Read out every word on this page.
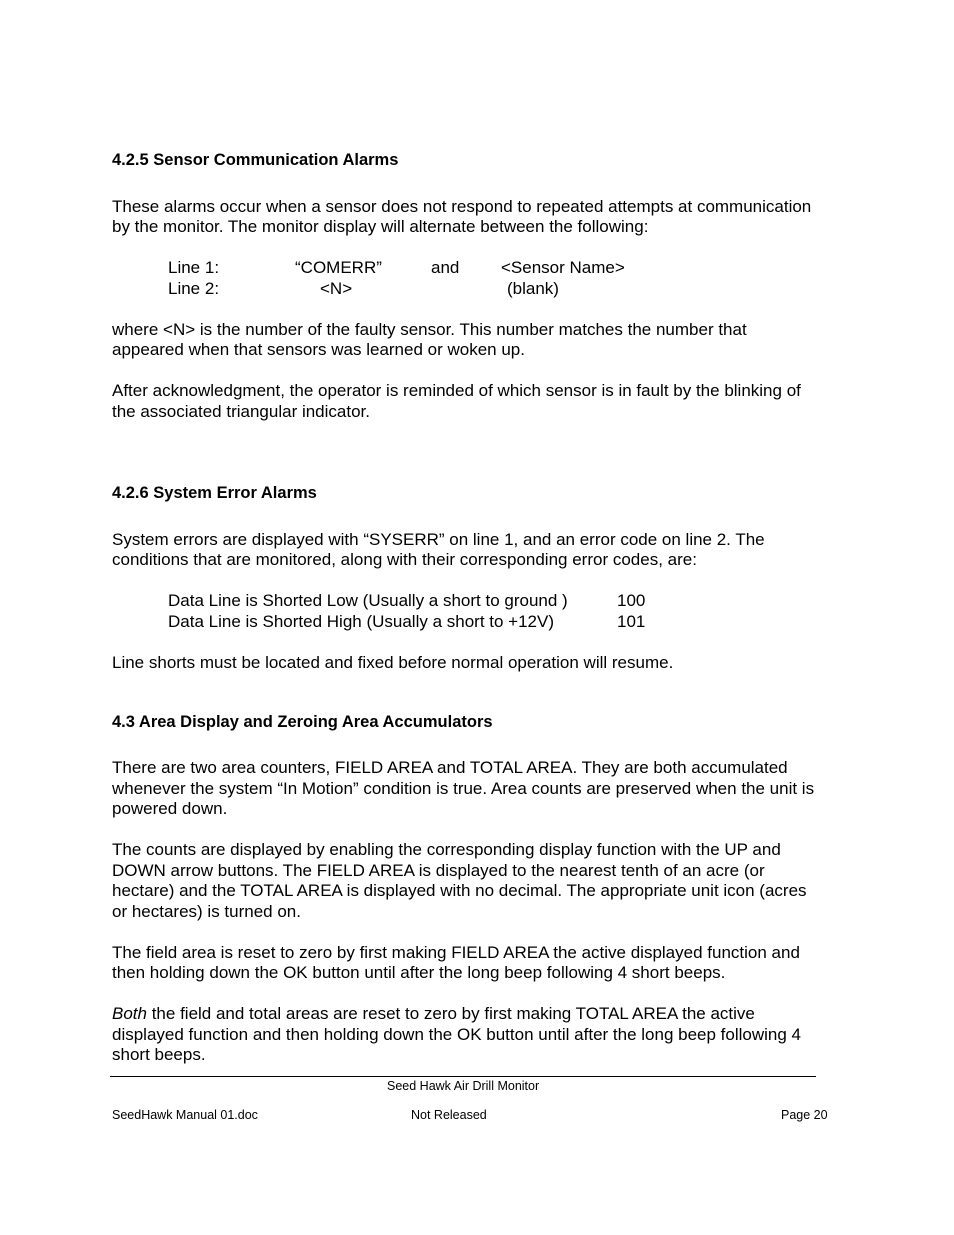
4.2.5 Sensor Communication Alarms
These alarms occur when a sensor does not respond to repeated attempts at communication
by the monitor. The monitor display will alternate between the following:
Line 1:	“COMERR”	and <Sensor Name>
Line 2:	<N>	(blank)
where <N> is the number of the faulty sensor. This number matches the number that
appeared when that sensors was learned or woken up.
After acknowledgment, the operator is reminded of which sensor is in fault by the blinking of
the associated triangular indicator.
4.2.6 System Error Alarms
System errors are displayed with “SYSERR” on line 1, and an error code on line 2. The
conditions that are monitored, along with their corresponding error codes, are:
Data Line is Shorted Low (Usually a short to ground )	100
Data Line is Shorted High (Usually a short to +12V)	101
Line shorts must be located and fixed before normal operation will resume.
4.3 Area Display and Zeroing Area Accumulators
There are two area counters, FIELD AREA and TOTAL AREA. They are both accumulated
whenever the system “In Motion” condition is true. Area counts are preserved when the unit is
powered down.
The counts are displayed by enabling the corresponding display function with the UP and
DOWN arrow buttons. The FIELD AREA is displayed to the nearest tenth of an acre (or
hectare) and the TOTAL AREA is displayed with no decimal. The appropriate unit icon (acres
or hectares) is turned on.
The field area is reset to zero by first making FIELD AREA the active displayed function and
then holding down the OK button until after the long beep following 4 short beeps.
Both the field and total areas are reset to zero by first making TOTAL AREA the active
displayed function and then holding down the OK button until after the long beep following 4
short beeps.
Seed Hawk Air Drill Monitor
SeedHawk Manual 01.doc	Not Released	Page 20
